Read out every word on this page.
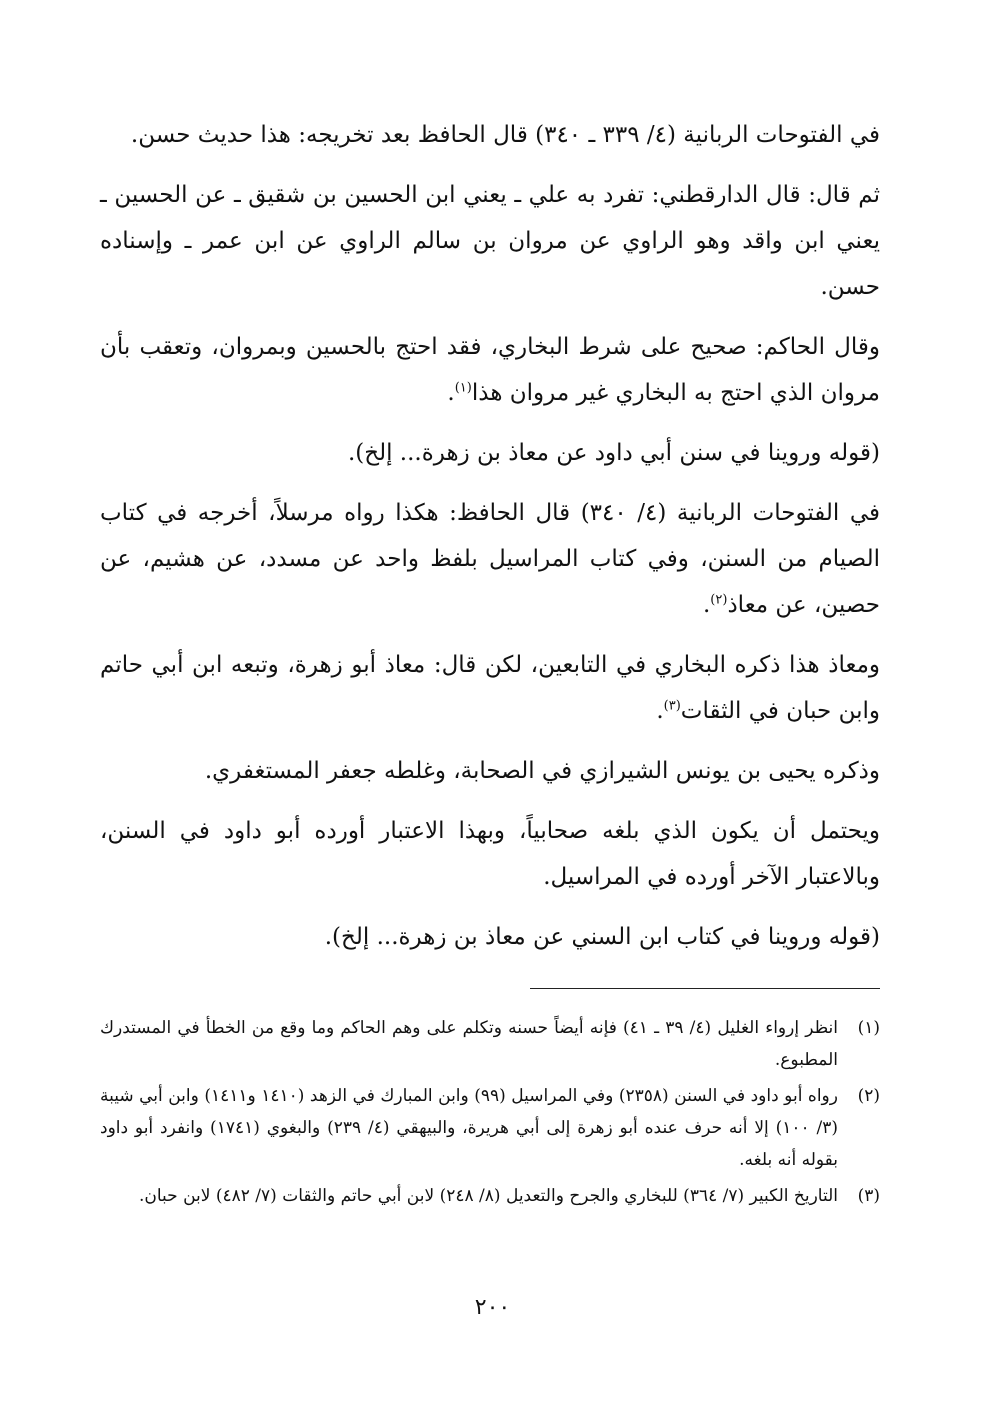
في الفتوحات الربانية (٤/ ٣٣٩ ـ ٣٤٠) قال الحافظ بعد تخريجه: هذا حديث حسن.

ثم قال: قال الدارقطني: تفرد به علي ـ يعني ابن الحسين بن شقيق ـ عن الحسين ـ يعني ابن واقد وهو الراوي عن مروان بن سالم الراوي عن ابن عمر ـ وإسناده حسن.

وقال الحاكم: صحيح على شرط البخاري، فقد احتج بالحسين وبمروان، وتعقب بأن مروان الذي احتج به البخاري غير مروان هذا$^{(١)}$.

(قوله وروينا في سنن أبي داود عن معاذ بن زهرة... إلخ).

في الفتوحات الربانية (٤/ ٣٤٠) قال الحافظ: هكذا رواه مرسلاً، أخرجه في كتاب الصيام من السنن، وفي كتاب المراسيل بلفظ واحد عن مسدد، عن هشيم، عن حصين، عن معاذ$^{(٢)}$.

ومعاذ هذا ذكره البخاري في التابعين، لكن قال: معاذ أبو زهرة، وتبعه ابن أبي حاتم وابن حبان في الثقات$^{(٣)}$.

وذكره يحيى بن يونس الشيرازي في الصحابة، وغلطه جعفر المستغفري.

ويحتمل أن يكون الذي بلغه صحابياً، وبهذا الاعتبار أورده أبو داود في السنن، وبالاعتبار الآخر أورده في المراسيل.

(قوله وروينا في كتاب ابن السني عن معاذ بن زهرة... إلخ).

(١)
انظر إرواء الغليل (٤/ ٣٩ ـ ٤١) فإنه أيضاً حسنه وتكلم على وهم الحاكم وما وقع من الخطأ في المستدرك المطبوع.
(٢)
رواه أبو داود في السنن (٢٣٥٨) وفي المراسيل (٩٩) وابن المبارك في الزهد (١٤١٠ و١٤١١) وابن أبي شيبة (٣/ ١٠٠) إلا أنه حرف عنده أبو زهرة إلى أبي هريرة، والبيهقي (٤/ ٢٣٩) والبغوي (١٧٤١) وانفرد أبو داود بقوله أنه بلغه.
(٣)
التاريخ الكبير (٧/ ٣٦٤) للبخاري والجرح والتعديل (٨/ ٢٤٨) لابن أبي حاتم والثقات (٧/ ٤٨٢) لابن حبان.
٢٠٠
